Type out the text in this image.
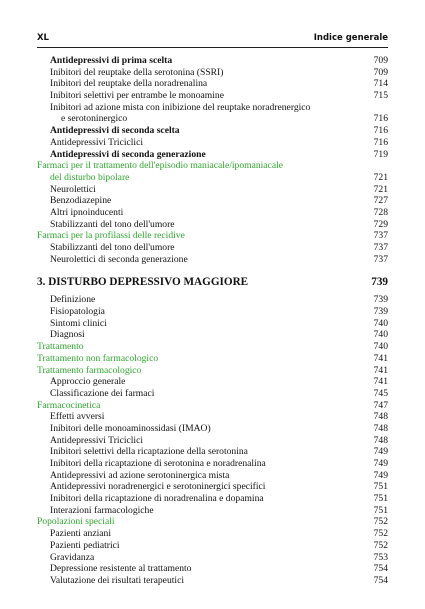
XL	Indice generale
Antidepressivi di prima scelta	709
Inibitori del reuptake della serotonina (SSRI)	709
Inibitori del reuptake della noradrenalina	714
Inibitori selettivi per entrambe le monoamine	715
Inibitori ad azione mista con inibizione del reuptake noradrenergico
e serotoninergico	716
Antidepressivi di seconda scelta	716
Antidepressivi Triciclici	716
Antidepressivi di seconda generazione	719
Farmaci per il trattamento dell'episodio maniacale/ipomaniacale
del disturbo bipolare	721
Neurolettici	721
Benzodiazepine	727
Altri ipnoinducenti	728
Stabilizzanti del tono dell'umore	729
Farmaci per la profilassi delle recidive	737
Stabilizzanti del tono dell'umore	737
Neurolettici di seconda generazione	737
3. DISTURBO DEPRESSIVO MAGGIORE	739
Definizione	739
Fisiopatologia	739
Sintomi clinici	740
Diagnosi	740
Trattamento	740
Trattamento non farmacologico	741
Trattamento farmacologico	741
Approccio generale	741
Classificazione dei farmaci	745
Farmacocinetica	747
Effetti avversi	748
Inibitori delle monoaminossidasi (IMAO)	748
Antidepressivi Triciclici	748
Inibitori selettivi della ricaptazione della serotonina	749
Inibitori della ricaptazione di serotonina e noradrenalina	749
Antidepressivi ad azione serotoninergica mista	749
Antidepressivi noradrenergici e serotoninergici specifici	751
Inibitori della ricaptazione di noradrenalina e dopamina	751
Interazioni farmacologiche	751
Popolazioni speciali	752
Pazienti anziani	752
Pazienti pediatrici	752
Gravidanza	753
Depressione resistente al trattamento	754
Valutazione dei risultati terapeutici	754
